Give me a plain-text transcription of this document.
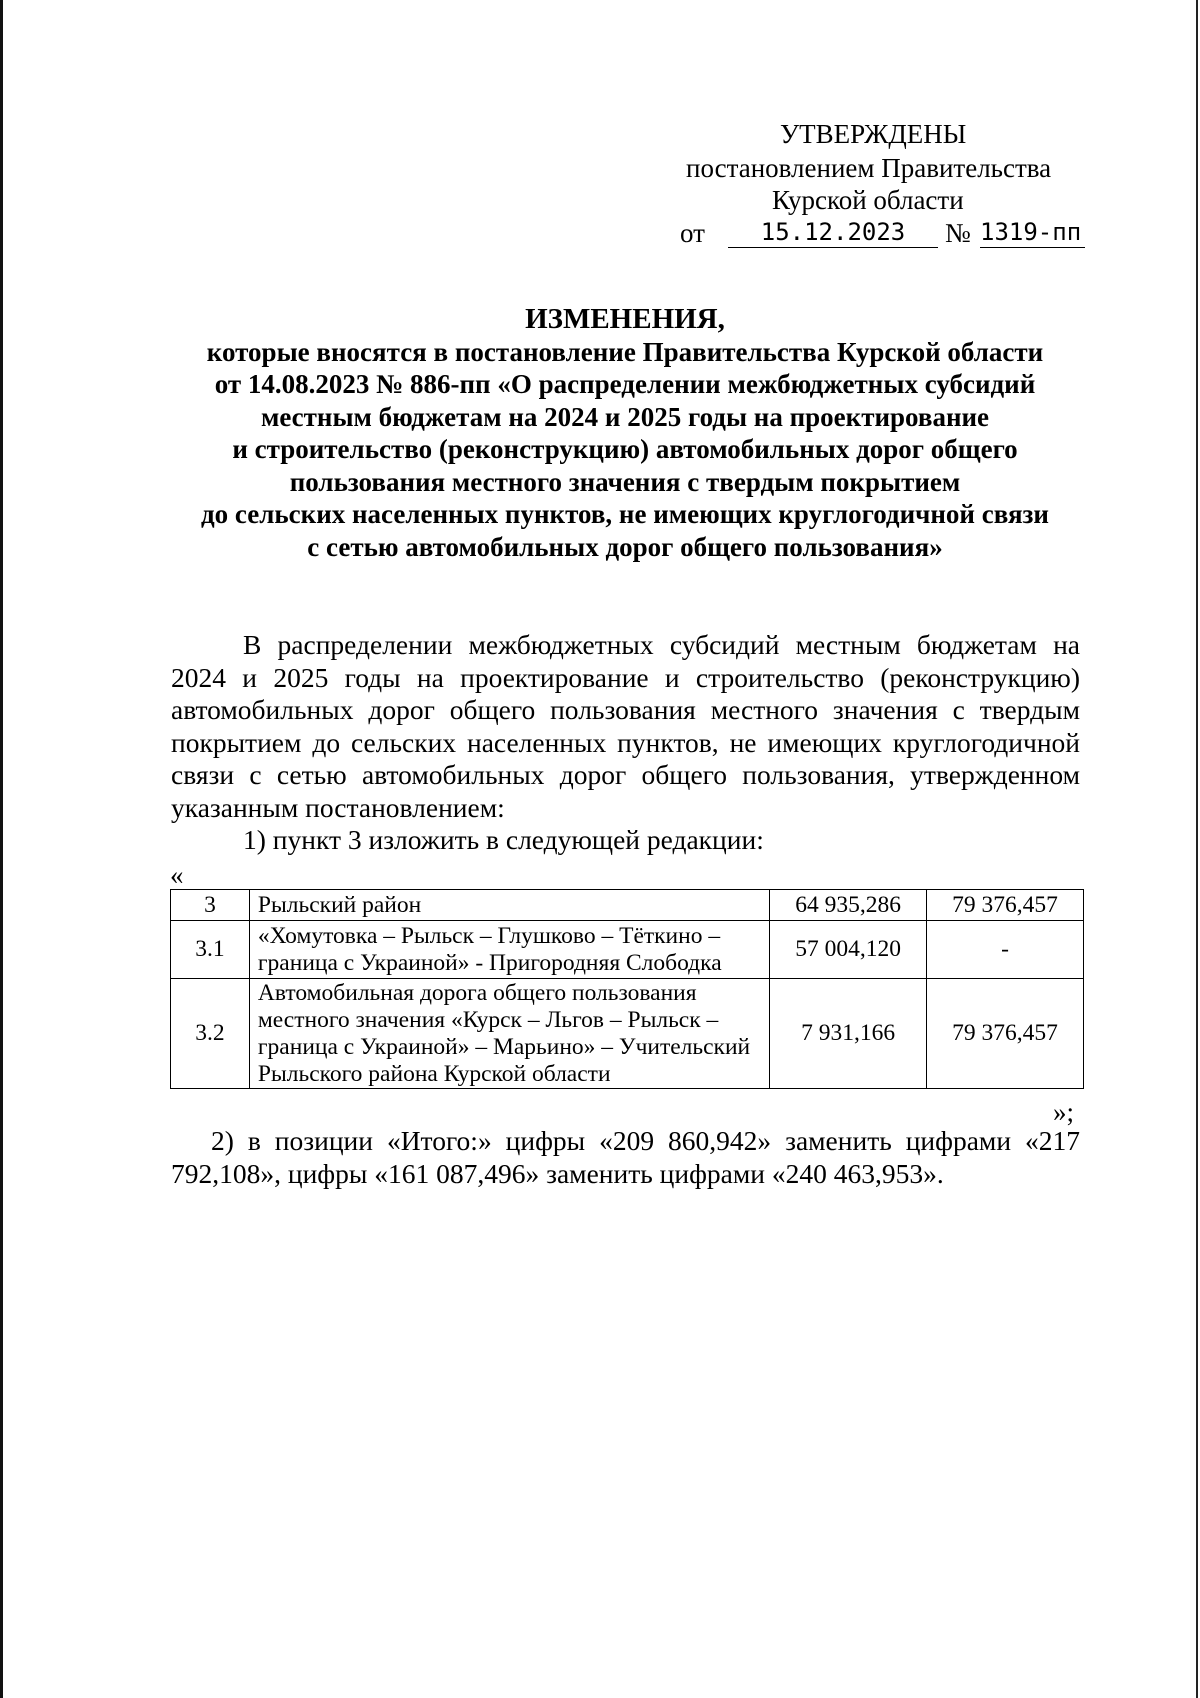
УТВЕРЖДЕНЫ
постановлением Правительства
Курской области
от	15.12.2023	№ 1319-пп
ИЗМЕНЕНИЯ,
которые вносятся в постановление Правительства Курской области
от 14.08.2023 № 886-пп «О распределении межбюджетных субсидий
местным бюджетам на 2024 и 2025 годы на проектирование
и строительство (реконструкцию) автомобильных дорог общего
пользования местного значения с твердым покрытием
до сельских населенных пунктов, не имеющих круглогодичной связи
с сетью автомобильных дорог общего пользования»

В распределении межбюджетных субсидий местным бюджетам на 2024 и 2025 годы на проектирование и строительство (реконструкцию) автомобильных дорог общего пользования местного значения с твердым покрытием до сельских населенных пунктов, не имеющих круглогодичной связи с сетью автомобильных дорог общего пользования, утвержденном указанным постановлением:

1) пункт 3 изложить в следующей редакции:

«
3	Рыльский район	64 935,286	79 376,457
3.1	«Хомутовка – Рыльск – Глушково – Тёткино – граница с Украиной» - Пригородняя Слободка	57 004,120	-
3.2	Автомобильная дорога общего пользования местного значения «Курск – Льгов – Рыльск – граница с Украиной» – Марьино» – Учительский Рыльского района Курской области	7 931,166	79 376,457
»;

2) в позиции «Итого:» цифры «209 860,942» заменить цифрами «217 792,108», цифры «161 087,496» заменить цифрами «240 463,953».
